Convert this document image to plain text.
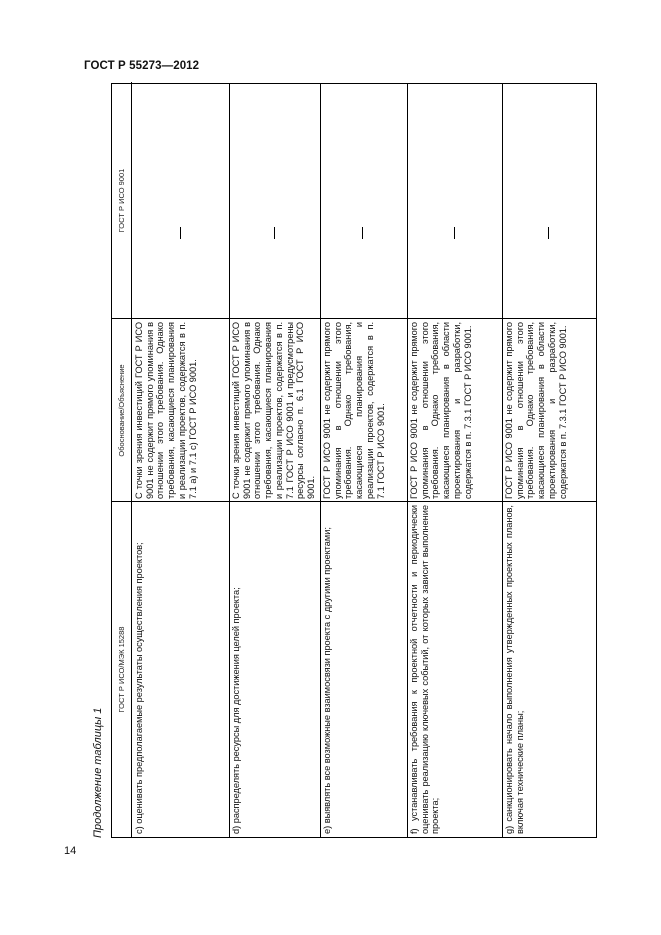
ГОСТ Р 55273—2012
14
Продолжение таблицы 1
ГОСТ Р ИСО/МЭК 15288
Обоснование/Объяснение
ГОСТ Р ИСО 9001
c) оценивать предполагаемые результаты осуществления проектов;
С точки зрения инвестиций ГОСТ Р ИСО 9001 не содержит прямого упоминания в отношении этого требования. Однако требования, касающиеся планирования и реализации проектов, содержатся в п. 7.1 а) и 7.1 с) ГОСТ Р ИСО 9001.
d) распределять ресурсы для достижения целей проекта;
С точки зрения инвестиций ГОСТ Р ИСО 9001 не содержит прямого упоминания в отношении этого требования. Однако требования, касающиеся планирования и реализации проектов, содержатся в п. 7.1 ГОСТ Р ИСО 9001 и предусмотрены ресурсы согласно п. 6.1 ГОСТ Р ИСО 9001.
e) выявлять все возможные взаимосвязи проекта с другими проектами;
ГОСТ Р ИСО 9001 не содержит прямого упоминания в отношении этого требования. Однако требования, касающиеся планирования и реализации проектов, содержатся в п. 7.1 ГОСТ Р ИСО 9001.
f) устанавливать требования к проектной отчетности и периодически оценивать реализацию ключевых событий, от которых зависит выполнение проекта;
ГОСТ Р ИСО 9001 не содержит прямого упоминания в отношении этого требования. Однако требования, касающиеся планирования в области проектирования и разработки, содержатся в п. 7.3.1 ГОСТ Р ИСО 9001.
g) санкционировать начало выполнения утвержденных проектных планов, включая технические планы;
ГОСТ Р ИСО 9001 не содержит прямого упоминания в отношении этого требования. Однако требования, касающиеся планирования в области проектирования и разработки, содержатся в п. 7.3.1 ГОСТ Р ИСО 9001.
